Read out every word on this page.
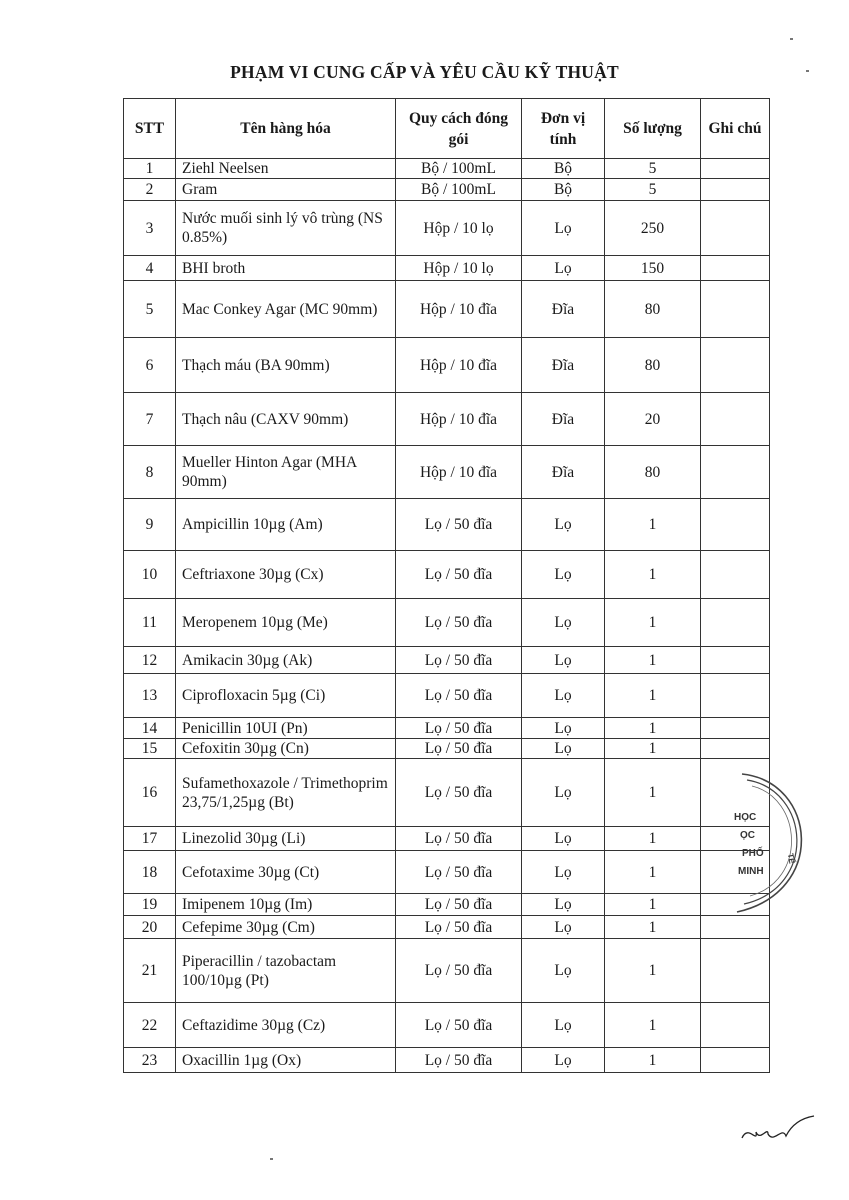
PHẠM VI CUNG CẤP VÀ YÊU CẦU KỸ THUẬT
STT	Tên hàng hóa	Quy cách đóng gói	Đơn vị tính	Số lượng	Ghi chú
1	Ziehl Neelsen	Bộ / 100mL	Bộ	5	
2	Gram	Bộ / 100mL	Bộ	5	
3	Nước muối sinh lý vô trùng (NS 0.85%)	Hộp / 10 lọ	Lọ	250	
4	BHI broth	Hộp / 10 lọ	Lọ	150	
5	Mac Conkey Agar (MC 90mm)	Hộp / 10 đĩa	Đĩa	80	
6	Thạch máu (BA 90mm)	Hộp / 10 đĩa	Đĩa	80	
7	Thạch nâu (CAXV 90mm)	Hộp / 10 đĩa	Đĩa	20	
8	Mueller Hinton Agar (MHA 90mm)	Hộp / 10 đĩa	Đĩa	80	
9	Ampicillin 10µg (Am)	Lọ / 50 đĩa	Lọ	1	
10	Ceftriaxone 30µg (Cx)	Lọ / 50 đĩa	Lọ	1	
11	Meropenem 10µg (Me)	Lọ / 50 đĩa	Lọ	1	
12	Amikacin 30µg (Ak)	Lọ / 50 đĩa	Lọ	1	
13	Ciprofloxacin 5µg (Ci)	Lọ / 50 đĩa	Lọ	1	
14	Penicillin 10UI (Pn)	Lọ / 50 đĩa	Lọ	1	
15	Cefoxitin 30µg (Cn)	Lọ / 50 đĩa	Lọ	1	
16	Sufamethoxazole / Trimethoprim 23,75/1,25µg (Bt)	Lọ / 50 đĩa	Lọ	1	
17	Linezolid 30µg (Li)	Lọ / 50 đĩa	Lọ	1	
18	Cefotaxime 30µg (Ct)	Lọ / 50 đĩa	Lọ	1	
19	Imipenem 10µg (Im)	Lọ / 50 đĩa	Lọ	1	
20	Cefepime 30µg (Cm)	Lọ / 50 đĩa	Lọ	1	
21	Piperacillin / tazobactam 100/10µg (Pt)	Lọ / 50 đĩa	Lọ	1	
22	Ceftazidime 30µg (Cz)	Lọ / 50 đĩa	Lọ	1	
23	Oxacillin 1µg (Ox)	Lọ / 50 đĩa	Lọ	1	
HỌC
ỌC
PHỐ
MINH
TẾ
